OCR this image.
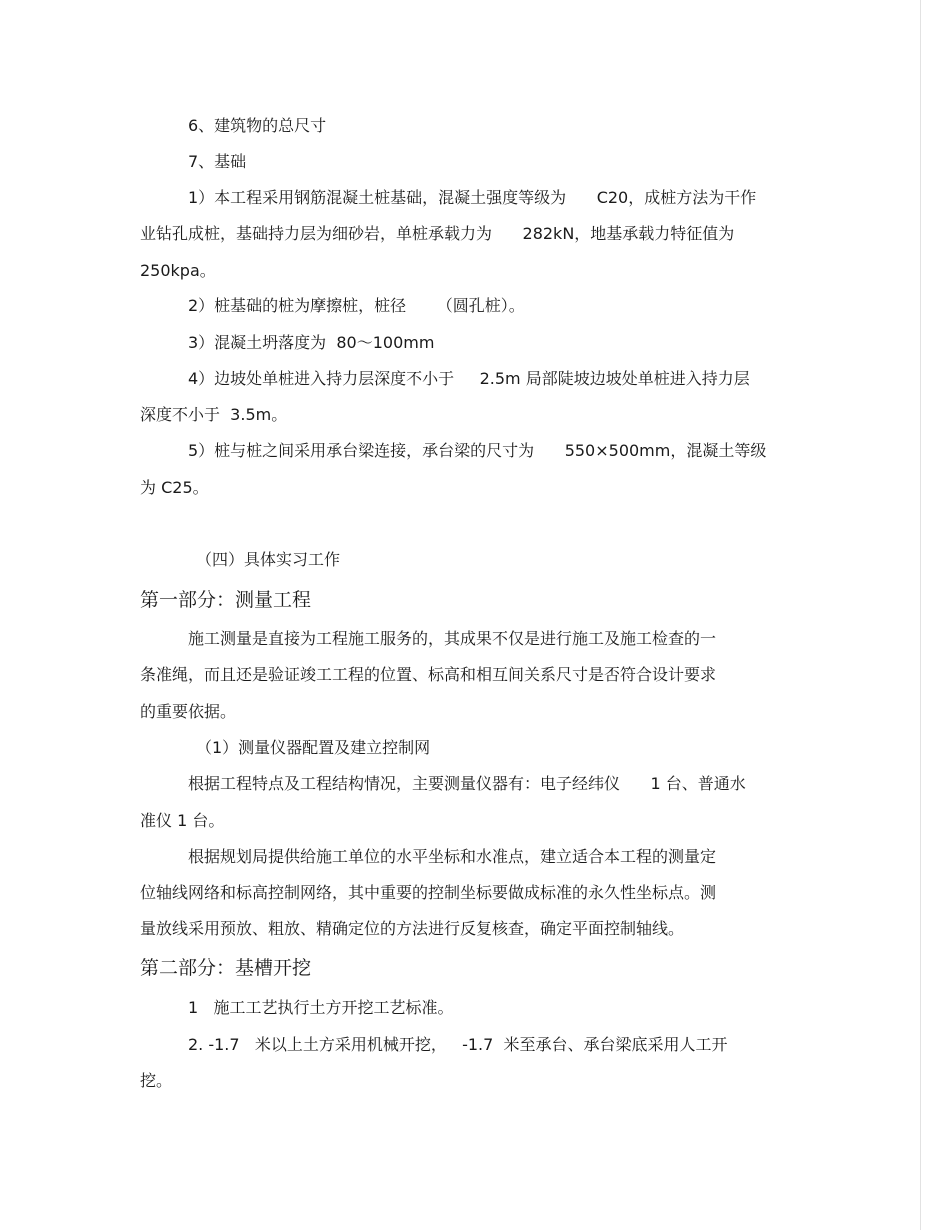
6、建筑物的总尺寸
7、基础
1）本工程采用钢筋混凝土桩基础，混凝土强度等级为      C20，成桩方法为干作
业钻孔成桩，基础持力层为细砂岩，单桩承载力为      282kN，地基承载力特征值为
250kpa。
2）桩基础的桩为摩擦桩，桩径      （圆孔桩）。
3）混凝土坍落度为  80～100mm
4）边坡处单桩进入持力层深度不小于     2.5m 局部陡坡边坡处单桩进入持力层
深度不小于  3.5m。
5）桩与桩之间采用承台梁连接，承台梁的尺寸为      550×500mm，混凝土等级
为 C25。
（四）具体实习工作
第一部分：测量工程
施工测量是直接为工程施工服务的，其成果不仅是进行施工及施工检查的一
条准绳，而且还是验证竣工工程的位置、标高和相互间关系尺寸是否符合设计要求
的重要依据。
（1）测量仪器配置及建立控制网
根据工程特点及工程结构情况，主要测量仪器有：电子经纬仪      1 台、普通水
准仪 1 台。
根据规划局提供给施工单位的水平坐标和水准点，建立适合本工程的测量定
位轴线网络和标高控制网络，其中重要的控制坐标要做成标准的永久性坐标点。测
量放线采用预放、粗放、精确定位的方法进行反复核查，确定平面控制轴线。
第二部分：基槽开挖
1   施工工艺执行土方开挖工艺标准。
2. -1.7   米以上土方采用机械开挖，   -1.7  米至承台、承台梁底采用人工开
挖。
